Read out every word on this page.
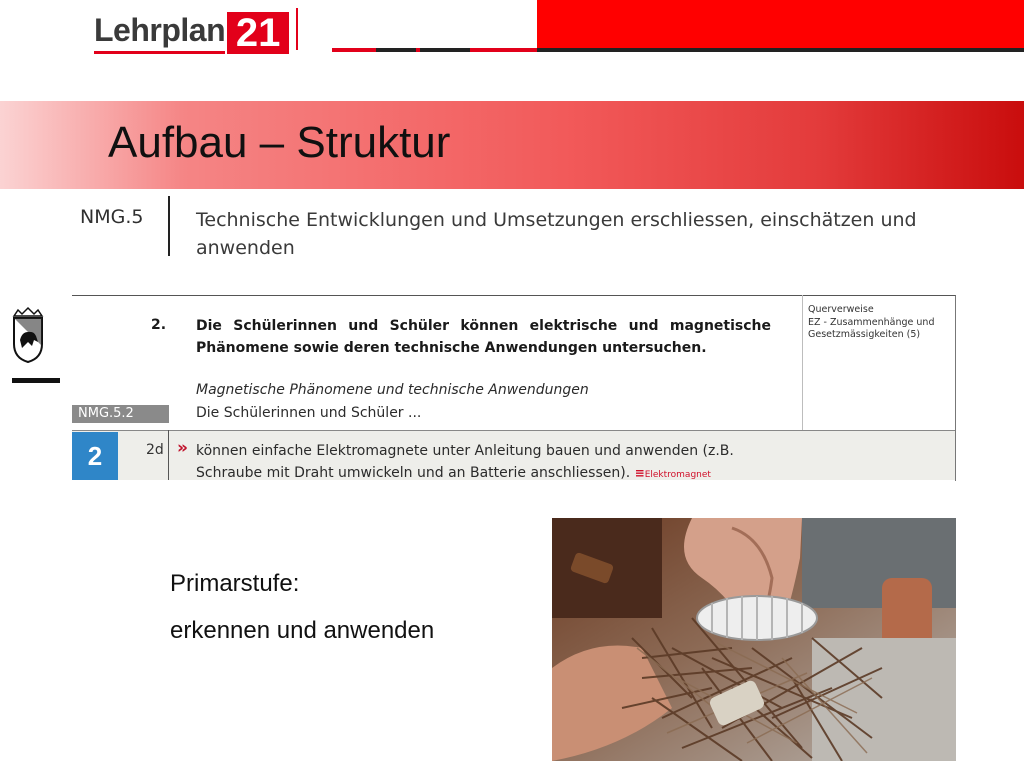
Lehrplan 21
Aufbau – Struktur
NMG.5	Technische Entwicklungen und Umsetzungen erschliessen, einschätzen und anwenden
2. Die Schülerinnen und Schüler können elektrische und magnetische Phänomene sowie deren technische Anwendungen untersuchen.
Querverweise
EZ - Zusammenhänge und Gesetzmässigkeiten (5)
Magnetische Phänomene und technische Anwendungen
NMG.5.2	Die Schülerinnen und Schüler ...
2	2d » können einfache Elektromagnete unter Anleitung bauen und anwenden (z.B. Schraube mit Draht umwickeln und an Batterie anschliessen). ≡Elektromagnet
Primarstufe:
erkennen und anwenden
